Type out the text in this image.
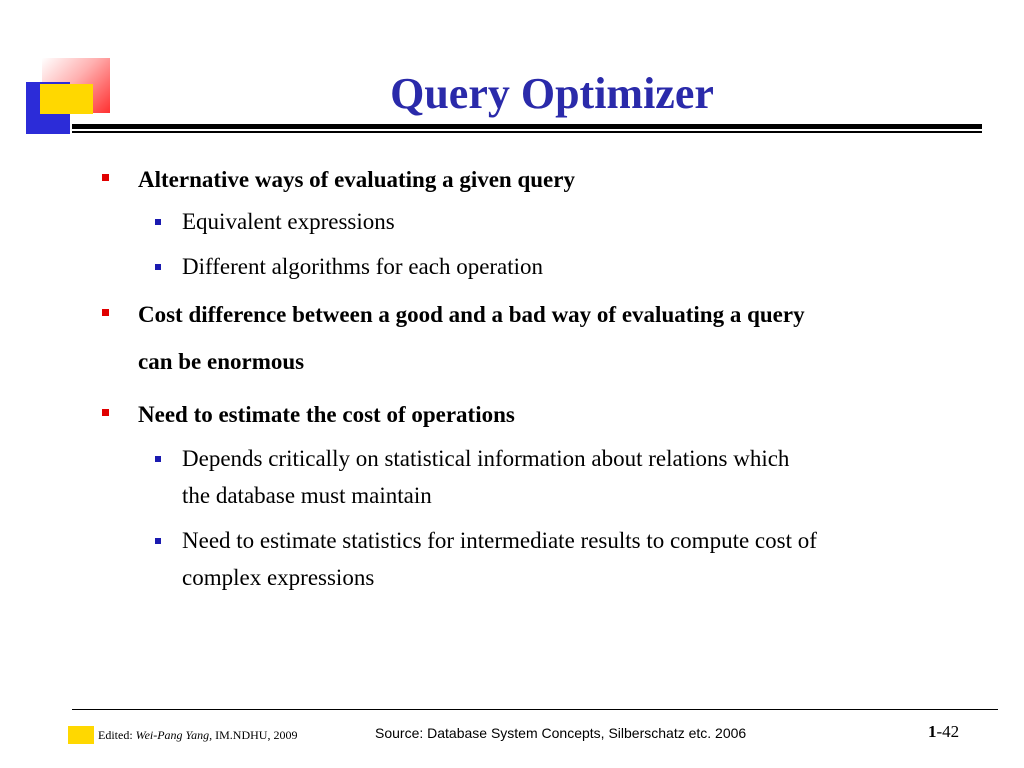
Query Optimizer
Alternative ways of evaluating a given query
Equivalent expressions
Different algorithms for each operation
Cost difference between a good and a bad way of evaluating a query
can be enormous
Need to estimate the cost of operations
Depends critically on statistical information about relations which
the database must maintain
Need to estimate statistics for intermediate results to compute cost of
complex expressions
Edited: Wei-Pang Yang, IM.NDHU, 2009	Source: Database System Concepts, Silberschatz etc. 2006	1-42
